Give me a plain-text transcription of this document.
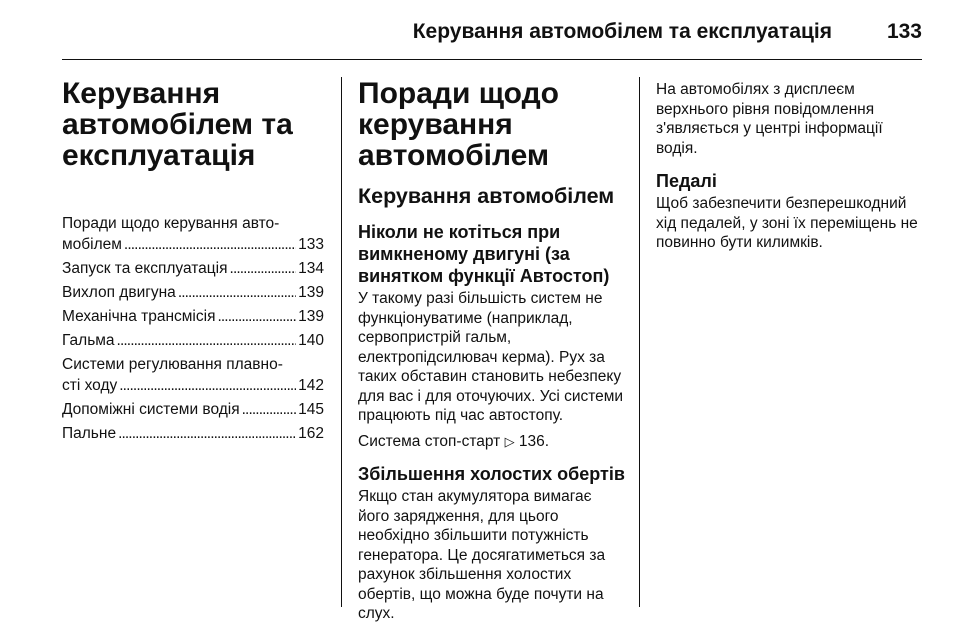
Керування автомобілем та експлуатація	133
Керування автомобілем та експлуатація
Поради щодо керування авто-
мобілем . . .	133
Запуск та експлуатація . . .	134
Вихлоп двигуна . . .	139
Механічна трансмісія . . .	139
Гальма . . .	140
Системи регулювання плавно-
сті ходу . . .	142
Допоміжні системи водія . . .	145
Пальне . . .	162
Поради щодо керування автомобілем
Керування автомобілем
Ніколи не котіться при вимкненому двигуні (за винятком функції Автостоп)

У такому разі більшість систем не функціонуватиме (наприклад, сервопристрій гальм, електропідсилювач керма). Рух за таких обставин становить небезпеку для вас і для оточуючих. Усі системи працюють під час автостопу.

Система стоп-старт ▷ 136.

Збільшення холостих обертів

Якщо стан акумулятора вимагає його зарядження, для цього необхідно збільшити потужність генератора. Це досягатиметься за рахунок збільшення холостих обертів, що можна буде почути на слух.

На автомобілях з дисплеєм верхнього рівня повідомлення з'являється у центрі інформації водія.

Педалі

Щоб забезпечити безперешкодний хід педалей, у зоні їх переміщень не повинно бути килимків.
